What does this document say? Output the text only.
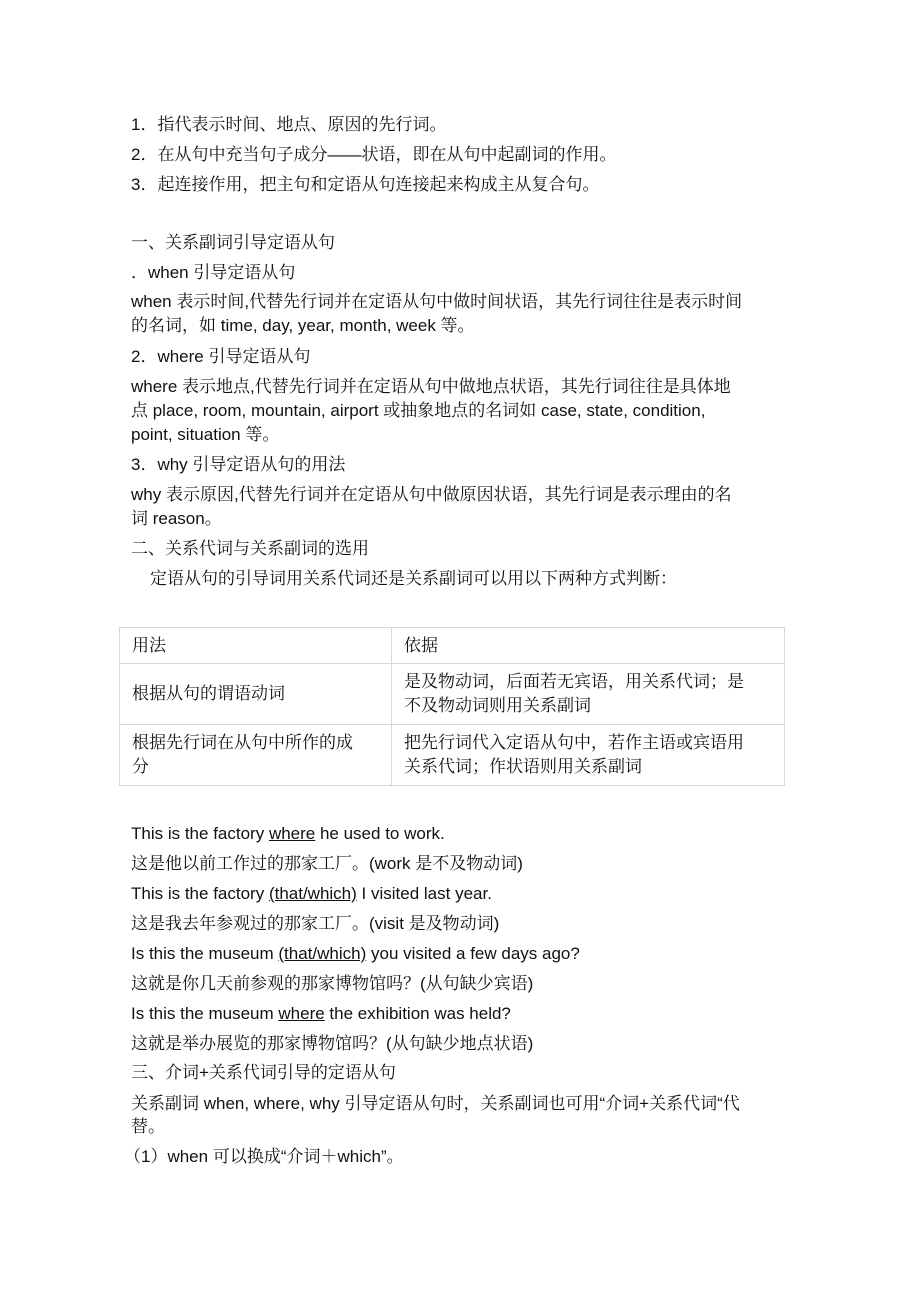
1．指代表示时间、地点、原因的先行词。
2．在从句中充当句子成分——状语，即在从句中起副词的作用。
3．起连接作用，把主句和定语从句连接起来构成主从复合句。
一、关系副词引导定语从句
．when 引导定语从句
when 表示时间,代替先行词并在定语从句中做时间状语，其先行词往往是表示时间
的名词，如 time, day, year, month, week 等。
2．where 引导定语从句
where 表示地点,代替先行词并在定语从句中做地点状语，其先行词往往是具体地
点 place, room, mountain, airport 或抽象地点的名词如 case, state, condition,
point, situation 等。
3．why 引导定语从句的用法
why 表示原因,代替先行词并在定语从句中做原因状语，其先行词是表示理由的名
词 reason。
二、关系代词与关系副词的选用
定语从句的引导词用关系代词还是关系副词可以用以下两种方式判断：
用法	依据
根据从句的谓语动词	是及物动词，后面若无宾语，用关系代词；是
不及物动词则用关系副词
根据先行词在从句中所作的成
分	把先行词代入定语从句中，若作主语或宾语用
关系代词；作状语则用关系副词
This is the factory where he used to work.
这是他以前工作过的那家工厂。(work 是不及物动词)
This is the factory (that/which) I visited last year.
这是我去年参观过的那家工厂。(visit 是及物动词)
Is this the museum (that/which) you visited a few days ago?
这就是你几天前参观的那家博物馆吗？(从句缺少宾语)
Is this the museum where the exhibition was held?
这就是举办展览的那家博物馆吗？(从句缺少地点状语)
三、介词+关系代词引导的定语从句
关系副词 when, where, why 引导定语从句时，关系副词也可用“介词+关系代词“代
替。
（1）when 可以换成“介词＋which”。
